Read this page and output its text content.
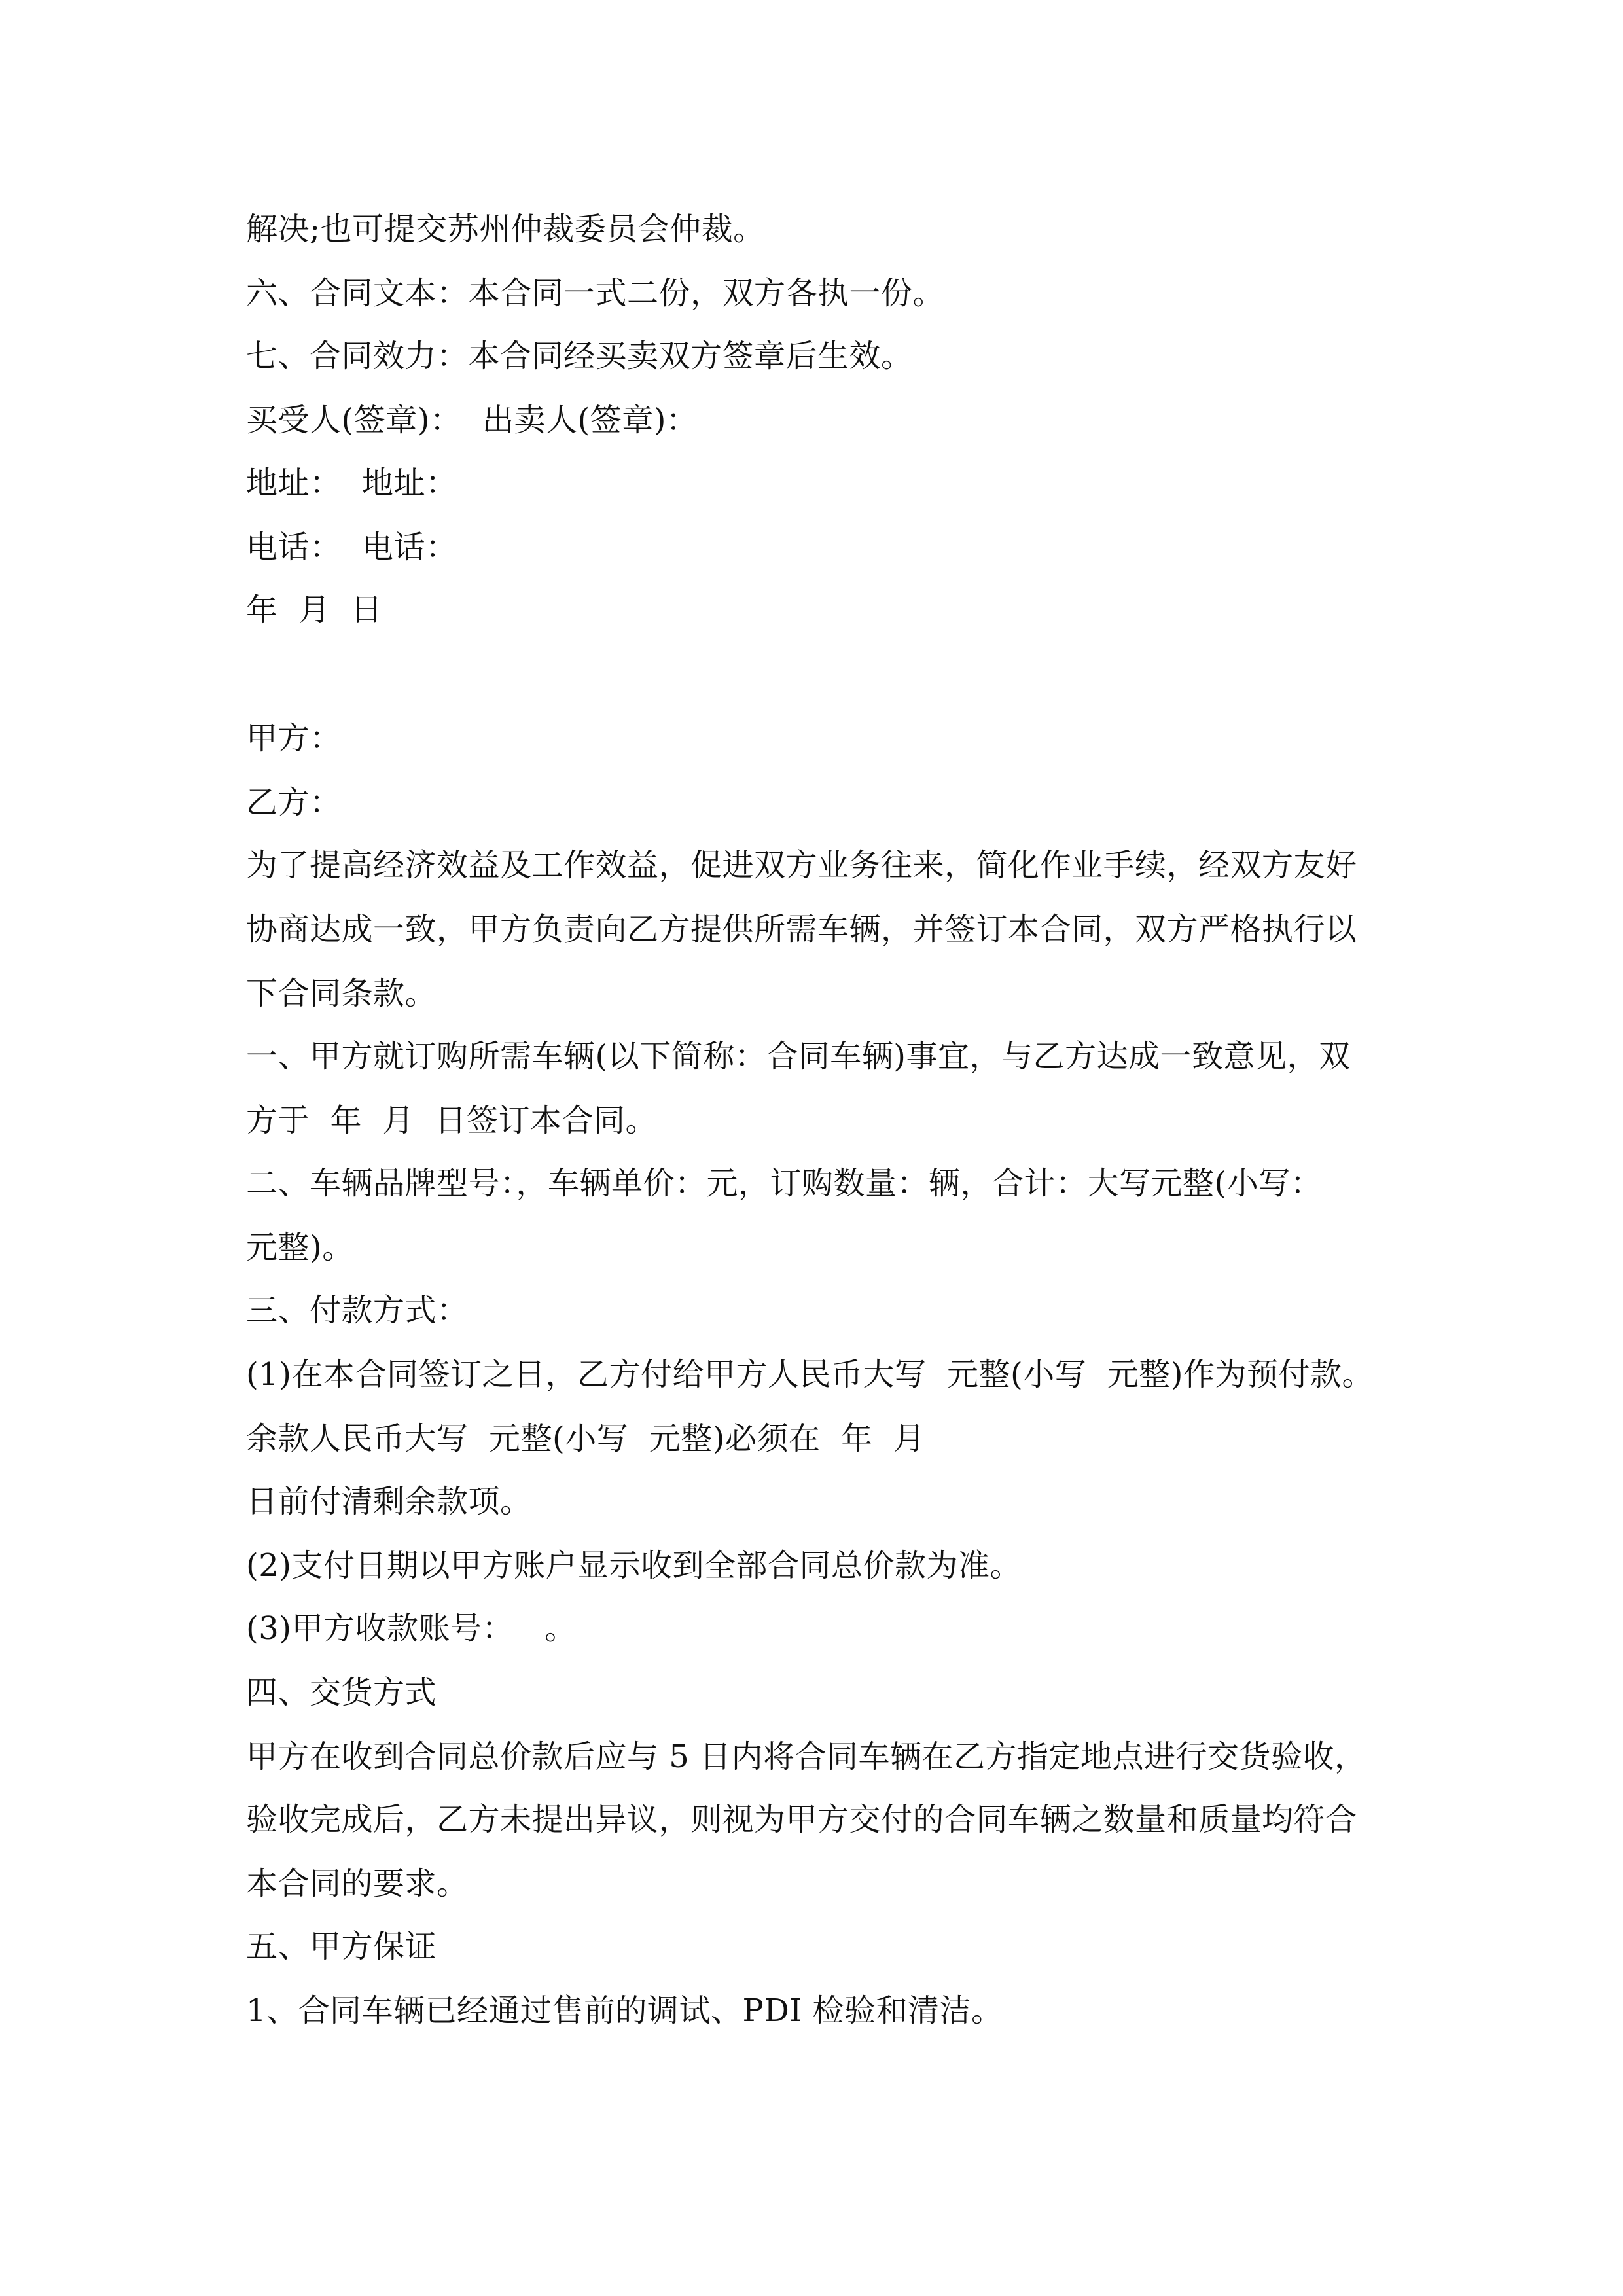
解决;也可提交苏州仲裁委员会仲裁。
六、合同文本：本合同一式二份，双方各执一份。
七、合同效力：本合同经买卖双方签章后生效。
买受人(签章)：  出卖人(签章)：
地址：  地址：
电话：  电话：
年  月  日
甲方：
乙方：
为了提高经济效益及工作效益，促进双方业务往来，简化作业手续，经双方友好
协商达成一致，甲方负责向乙方提供所需车辆，并签订本合同，双方严格执行以
下合同条款。
一、甲方就订购所需车辆(以下简称：合同车辆)事宜，与乙方达成一致意见，双
方于  年  月  日签订本合同。
二、车辆品牌型号：，车辆单价：元，订购数量：辆，合计：大写元整(小写：
元整)。
三、付款方式：
(1)在本合同签订之日，乙方付给甲方人民币大写  元整(小写  元整)作为预付款。
余款人民币大写  元整(小写  元整)必须在  年  月
日前付清剩余款项。
(2)支付日期以甲方账户显示收到全部合同总价款为准。
(3)甲方收款账号：   。
四、交货方式
甲方在收到合同总价款后应与 5 日内将合同车辆在乙方指定地点进行交货验收，
验收完成后，乙方未提出异议，则视为甲方交付的合同车辆之数量和质量均符合
本合同的要求。
五、甲方保证
1、合同车辆已经通过售前的调试、PDI 检验和清洁。
